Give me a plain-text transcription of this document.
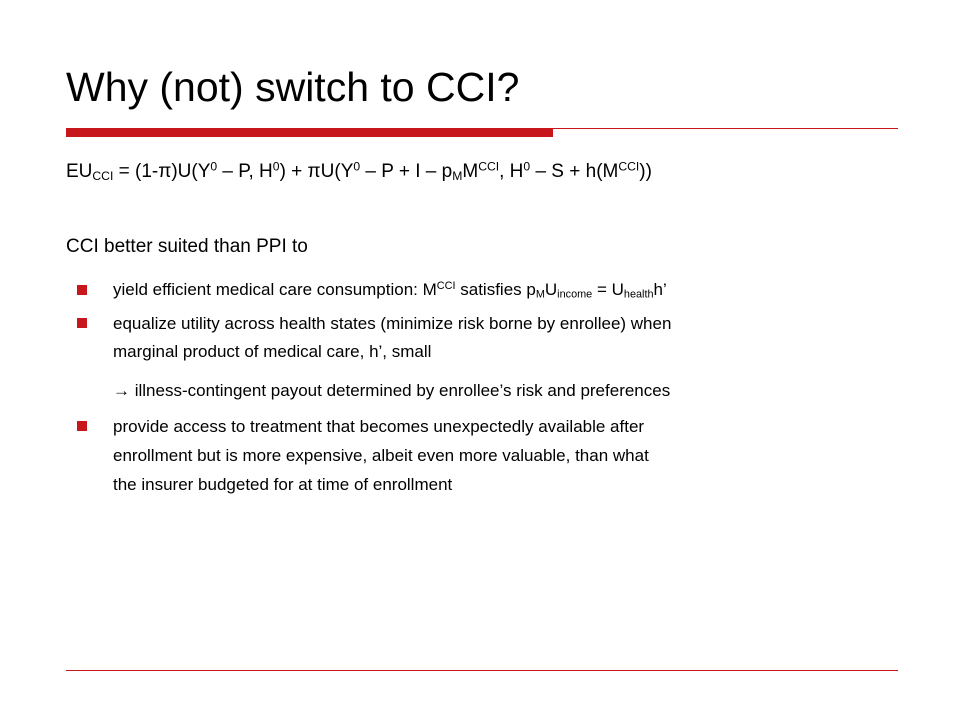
Why (not) switch to CCI?
$EU_{CCI} = (1-\pi)U(Y^0 - P$, $H^0) + \pi U(Y^0 - P + I - p_MM^{CCI}$, $H^0 - S + h(M^{CCI})$)
CCI better suited than PPI to
yield efficient medical care consumption: $M^{CCI}$ satisfies $p_MU_{income} = U_{health}h$’
equalize utility across health states (minimize risk borne by enrollee) when
marginal product of medical care, h’, small
→ illness-contingent payout determined by enrollee’s risk and preferences
provide access to treatment that becomes unexpectedly available after
enrollment but is more expensive, albeit even more valuable, than what
the insurer budgeted for at time of enrollment
